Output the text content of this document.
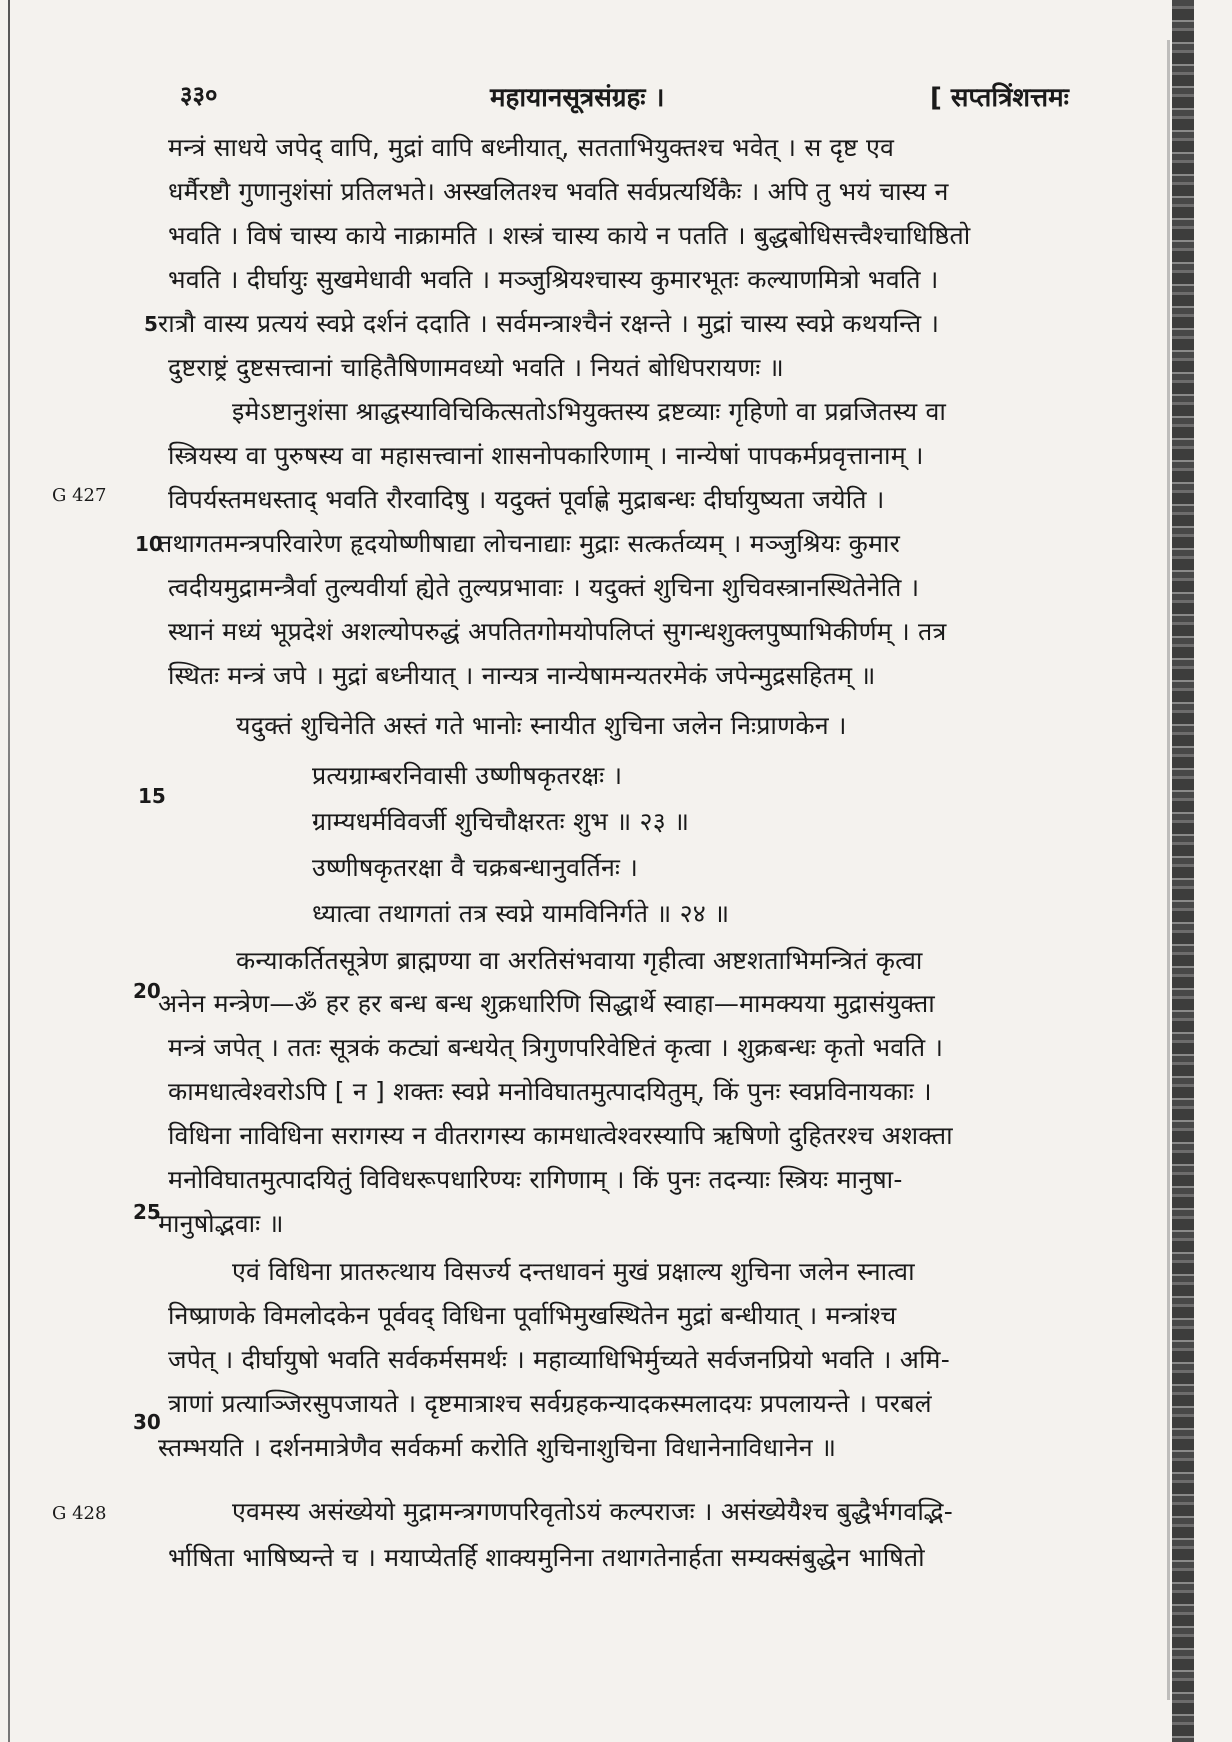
३३०	महायानसूत्रसंग्रहः ।	[ सप्तत्रिंशत्तमः
G 427
G 428
5
10
15
20
25
30
मन्त्रं साधये जपेद् वापि, मुद्रां वापि बध्नीयात्, सतताभियुक्तश्च भवेत् । स दृष्ट एव
धर्मैरष्टौ गुणानुशंसां प्रतिलभते। अस्खलितश्च भवति सर्वप्रत्यर्थिकैः । अपि तु भयं चास्य न
भवति । विषं चास्य काये नाक्रामति । शस्त्रं चास्य काये न पतति । बुद्धबोधिसत्त्वैश्चाधिष्ठितो
भवति । दीर्घायुः सुखमेधावी भवति । मञ्जुश्रियश्चास्य कुमारभूतः कल्याणमित्रो भवति ।
रात्रौ वास्य प्रत्ययं स्वप्ने दर्शनं ददाति । सर्वमन्त्राश्चैनं रक्षन्ते । मुद्रां चास्य स्वप्ने कथयन्ति ।
दुष्टराष्ट्रं दुष्टसत्त्वानां चाहितैषिणामवध्यो भवति । नियतं बोधिपरायणः ॥
इमेऽष्टानुशंसा श्राद्धस्याविचिकित्सतोऽभियुक्तस्य द्रष्टव्याः गृहिणो वा प्रव्रजितस्य वा
स्त्रियस्य वा पुरुषस्य वा महासत्त्वानां शासनोपकारिणाम् । नान्येषां पापकर्मप्रवृत्तानाम् ।
विपर्यस्तमधस्ताद् भवति रौरवादिषु । यदुक्तं पूर्वाह्णे मुद्राबन्धः दीर्घायुष्यता जयेति ।
तथागतमन्त्रपरिवारेण हृदयोष्णीषाद्या लोचनाद्याः मुद्राः सत्कर्तव्यम् । मञ्जुश्रियः कुमार
त्वदीयमुद्रामन्त्रैर्वा तुल्यवीर्या ह्येते तुल्यप्रभावाः । यदुक्तं शुचिना शुचिवस्त्रानस्थितेनेति ।
स्थानं मध्यं भूप्रदेशं अशल्योपरुद्धं अपतितगोमयोपलिप्तं सुगन्धशुक्लपुष्पाभिकीर्णम् । तत्र
स्थितः मन्त्रं जपे । मुद्रां बध्नीयात् । नान्यत्र नान्येषामन्यतरमेकं जपेन्मुद्रसहितम् ॥
यदुक्तं शुचिनेति अस्तं गते भानोः स्नायीत शुचिना जलेन निःप्राणकेन ।
प्रत्यग्राम्बरनिवासी उष्णीषकृतरक्षः ।
ग्राम्यधर्मविवर्जी शुचिचौक्षरतः शुभ ॥ २३ ॥
उष्णीषकृतरक्षा वै चक्रबन्धानुवर्तिनः ।
ध्यात्वा तथागतां तत्र स्वप्ने यामविनिर्गते ॥ २४ ॥
कन्याकर्तितसूत्रेण ब्राह्मण्या वा अरतिसंभवाया गृहीत्वा अष्टशताभिमन्त्रितं कृत्वा
अनेन मन्त्रेण—ॐ हर हर बन्ध बन्ध शुक्रधारिणि सिद्धार्थे स्वाहा—मामक्यया मुद्रासंयुक्ता
मन्त्रं जपेत् । ततः सूत्रकं कट्यां बन्धयेत् त्रिगुणपरिवेष्टितं कृत्वा । शुक्रबन्धः कृतो भवति ।
कामधात्वेश्वरोऽपि [ न ] शक्तः स्वप्ने मनोविघातमुत्पादयितुम्, किं पुनः स्वप्नविनायकाः ।
विधिना नाविधिना सरागस्य न वीतरागस्य कामधात्वेश्वरस्यापि ऋषिणो दुहितरश्च अशक्ता
मनोविघातमुत्पादयितुं विविधरूपधारिण्यः रागिणाम् । किं पुनः तदन्याः स्त्रियः मानुषा-
मानुषोद्भवाः ॥
एवं विधिना प्रातरुत्थाय विसर्ज्य दन्तधावनं मुखं प्रक्षाल्य शुचिना जलेन स्नात्वा
निष्प्राणके विमलोदकेन पूर्ववद् विधिना पूर्वाभिमुखस्थितेन मुद्रां बन्धीयात् । मन्त्रांश्च
जपेत् । दीर्घायुषो भवति सर्वकर्मसमर्थः । महाव्याधिभिर्मुच्यते सर्वजनप्रियो भवति । अमि-
त्राणां प्रत्याञ्जिरसुपजायते । दृष्टमात्राश्च सर्वग्रहकन्यादकस्मलादयः प्रपलायन्ते । परबलं
स्तम्भयति । दर्शनमात्रेणैव सर्वकर्मा करोति शुचिनाशुचिना विधानेनाविधानेन ॥
एवमस्य असंख्येयो मुद्रामन्त्रगणपरिवृतोऽयं कल्पराजः । असंख्येयैश्च बुद्धैर्भगवद्भि-
र्भाषिता भाषिष्यन्ते च । मयाप्येतर्हि शाक्यमुनिना तथागतेनार्हता सम्यक्संबुद्धेन भाषितो
